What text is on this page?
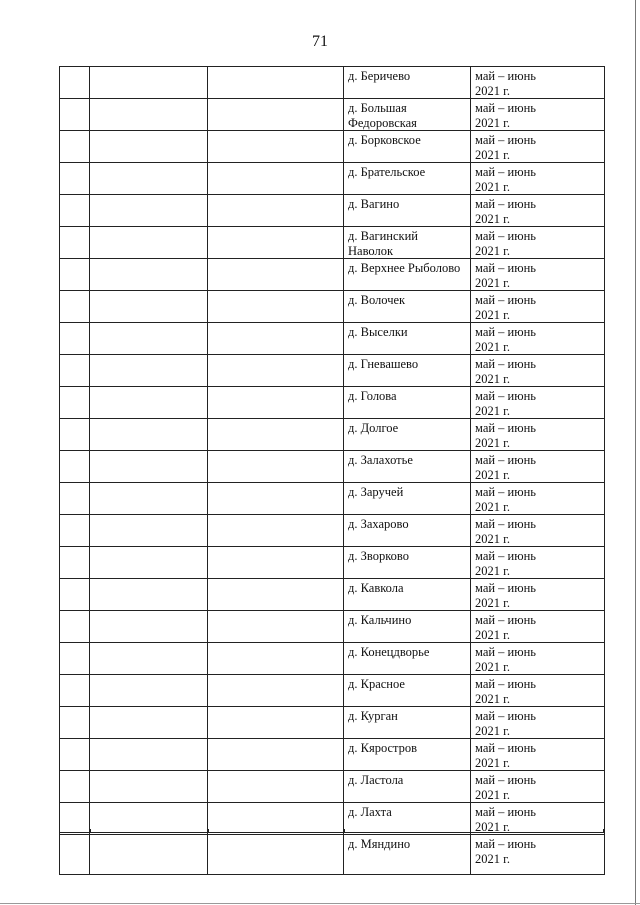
71
			д. Беричево	май – июнь
2021 г.

			д. Большая Федоровская	май – июнь
2021 г.

			д. Борковское	май – июнь
2021 г.

			д. Брательское	май – июнь
2021 г.

			д. Вагино	май – июнь
2021 г.

			д. Вагинский Наволок	май – июнь
2021 г.

			д. Верхнее Рыболово	май – июнь
2021 г.

			д. Волочек	май – июнь
2021 г.

			д. Выселки	май – июнь
2021 г.

			д. Гневашево	май – июнь
2021 г.

			д. Голова	май – июнь
2021 г.

			д. Долгое	май – июнь
2021 г.

			д. Залахотье	май – июнь
2021 г.

			д. Заручей	май – июнь
2021 г.

			д. Захарово	май – июнь
2021 г.

			д. Зворково	май – июнь
2021 г.

			д. Кавкола	май – июнь
2021 г.

			д. Кальчино	май – июнь
2021 г.

			д. Конецдворье	май – июнь
2021 г.

			д. Красное	май – июнь
2021 г.

			д. Курган	май – июнь
2021 г.

			д. Кяростров	май – июнь
2021 г.

			д. Ластола	май – июнь
2021 г.

			д. Лахта	май – июнь
2021 г.

			д. Мяндино	май – июнь
2021 г.
